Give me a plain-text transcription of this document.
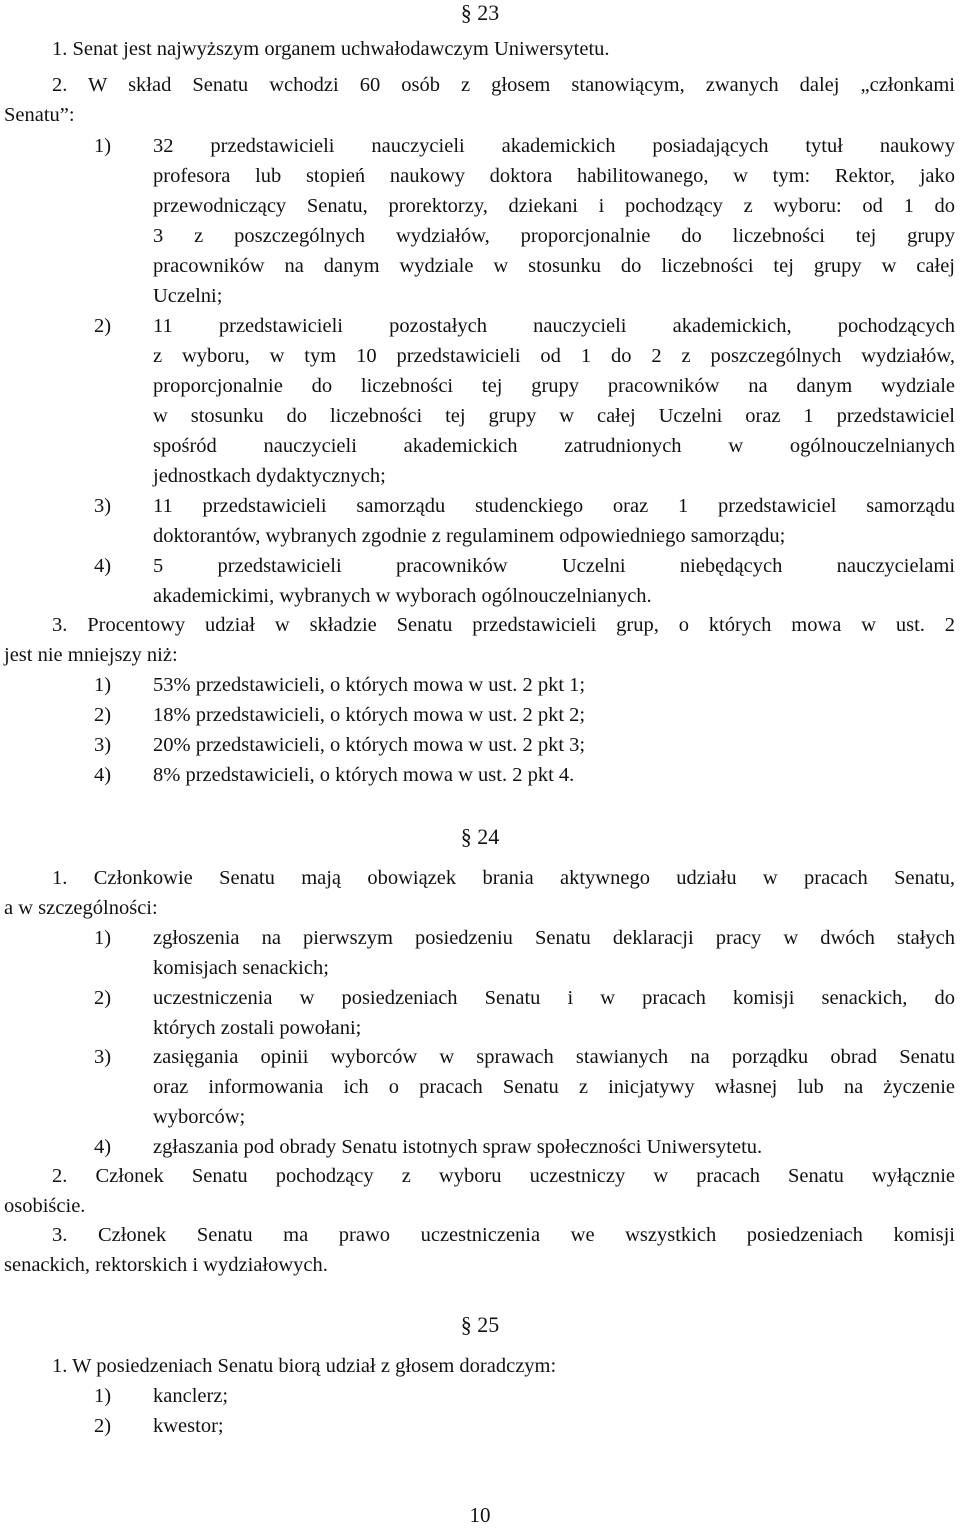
§ 23
1. Senat jest najwyższym organem uchwałodawczym Uniwersytetu.
2. W skład Senatu wchodzi 60 osób z głosem stanowiącym, zwanych dalej „członkami
Senatu”:
1) 32 przedstawicieli nauczycieli akademickich posiadających tytuł naukowy
profesora lub stopień naukowy doktora habilitowanego, w tym: Rektor, jako
przewodniczący Senatu, prorektorzy, dziekani i pochodzący z wyboru: od 1 do
3 z poszczególnych wydziałów, proporcjonalnie do liczebności tej grupy
pracowników na danym wydziale w stosunku do liczebności tej grupy w całej
Uczelni;
2) 11 przedstawicieli pozostałych nauczycieli akademickich, pochodzących
z wyboru, w tym 10 przedstawicieli od 1 do 2 z poszczególnych wydziałów,
proporcjonalnie do liczebności tej grupy pracowników na danym wydziale
w stosunku do liczebności tej grupy w całej Uczelni oraz 1 przedstawiciel
spośród nauczycieli akademickich zatrudnionych w ogólnouczelnianych
jednostkach dydaktycznych;
3) 11 przedstawicieli samorządu studenckiego oraz 1 przedstawiciel samorządu
doktorantów, wybranych zgodnie z regulaminem odpowiedniego samorządu;
4) 5 przedstawicieli pracowników Uczelni niebędących nauczycielami
akademickimi, wybranych w wyborach ogólnouczelnianych.
3. Procentowy udział w składzie Senatu przedstawicieli grup, o których mowa w ust. 2
jest nie mniejszy niż:
1) 53% przedstawicieli, o których mowa w ust. 2 pkt 1;
2) 18% przedstawicieli, o których mowa w ust. 2 pkt 2;
3) 20% przedstawicieli, o których mowa w ust. 2 pkt 3;
4) 8% przedstawicieli, o których mowa w ust. 2 pkt 4.
§ 24
1. Członkowie Senatu mają obowiązek brania aktywnego udziału w pracach Senatu,
a w szczególności:
1) zgłoszenia na pierwszym posiedzeniu Senatu deklaracji pracy w dwóch stałych
komisjach senackich;
2) uczestniczenia w posiedzeniach Senatu i w pracach komisji senackich, do
których zostali powołani;
3) zasięgania opinii wyborców w sprawach stawianych na porządku obrad Senatu
oraz informowania ich o pracach Senatu z inicjatywy własnej lub na życzenie
wyborców;
4) zgłaszania pod obrady Senatu istotnych spraw społeczności Uniwersytetu.
2. Członek Senatu pochodzący z wyboru uczestniczy w pracach Senatu wyłącznie
osobiście.
3. Członek Senatu ma prawo uczestniczenia we wszystkich posiedzeniach komisji
senackich, rektorskich i wydziałowych.
§ 25
1. W posiedzeniach Senatu biorą udział z głosem doradczym:
1) kanclerz;
2) kwestor;
10
